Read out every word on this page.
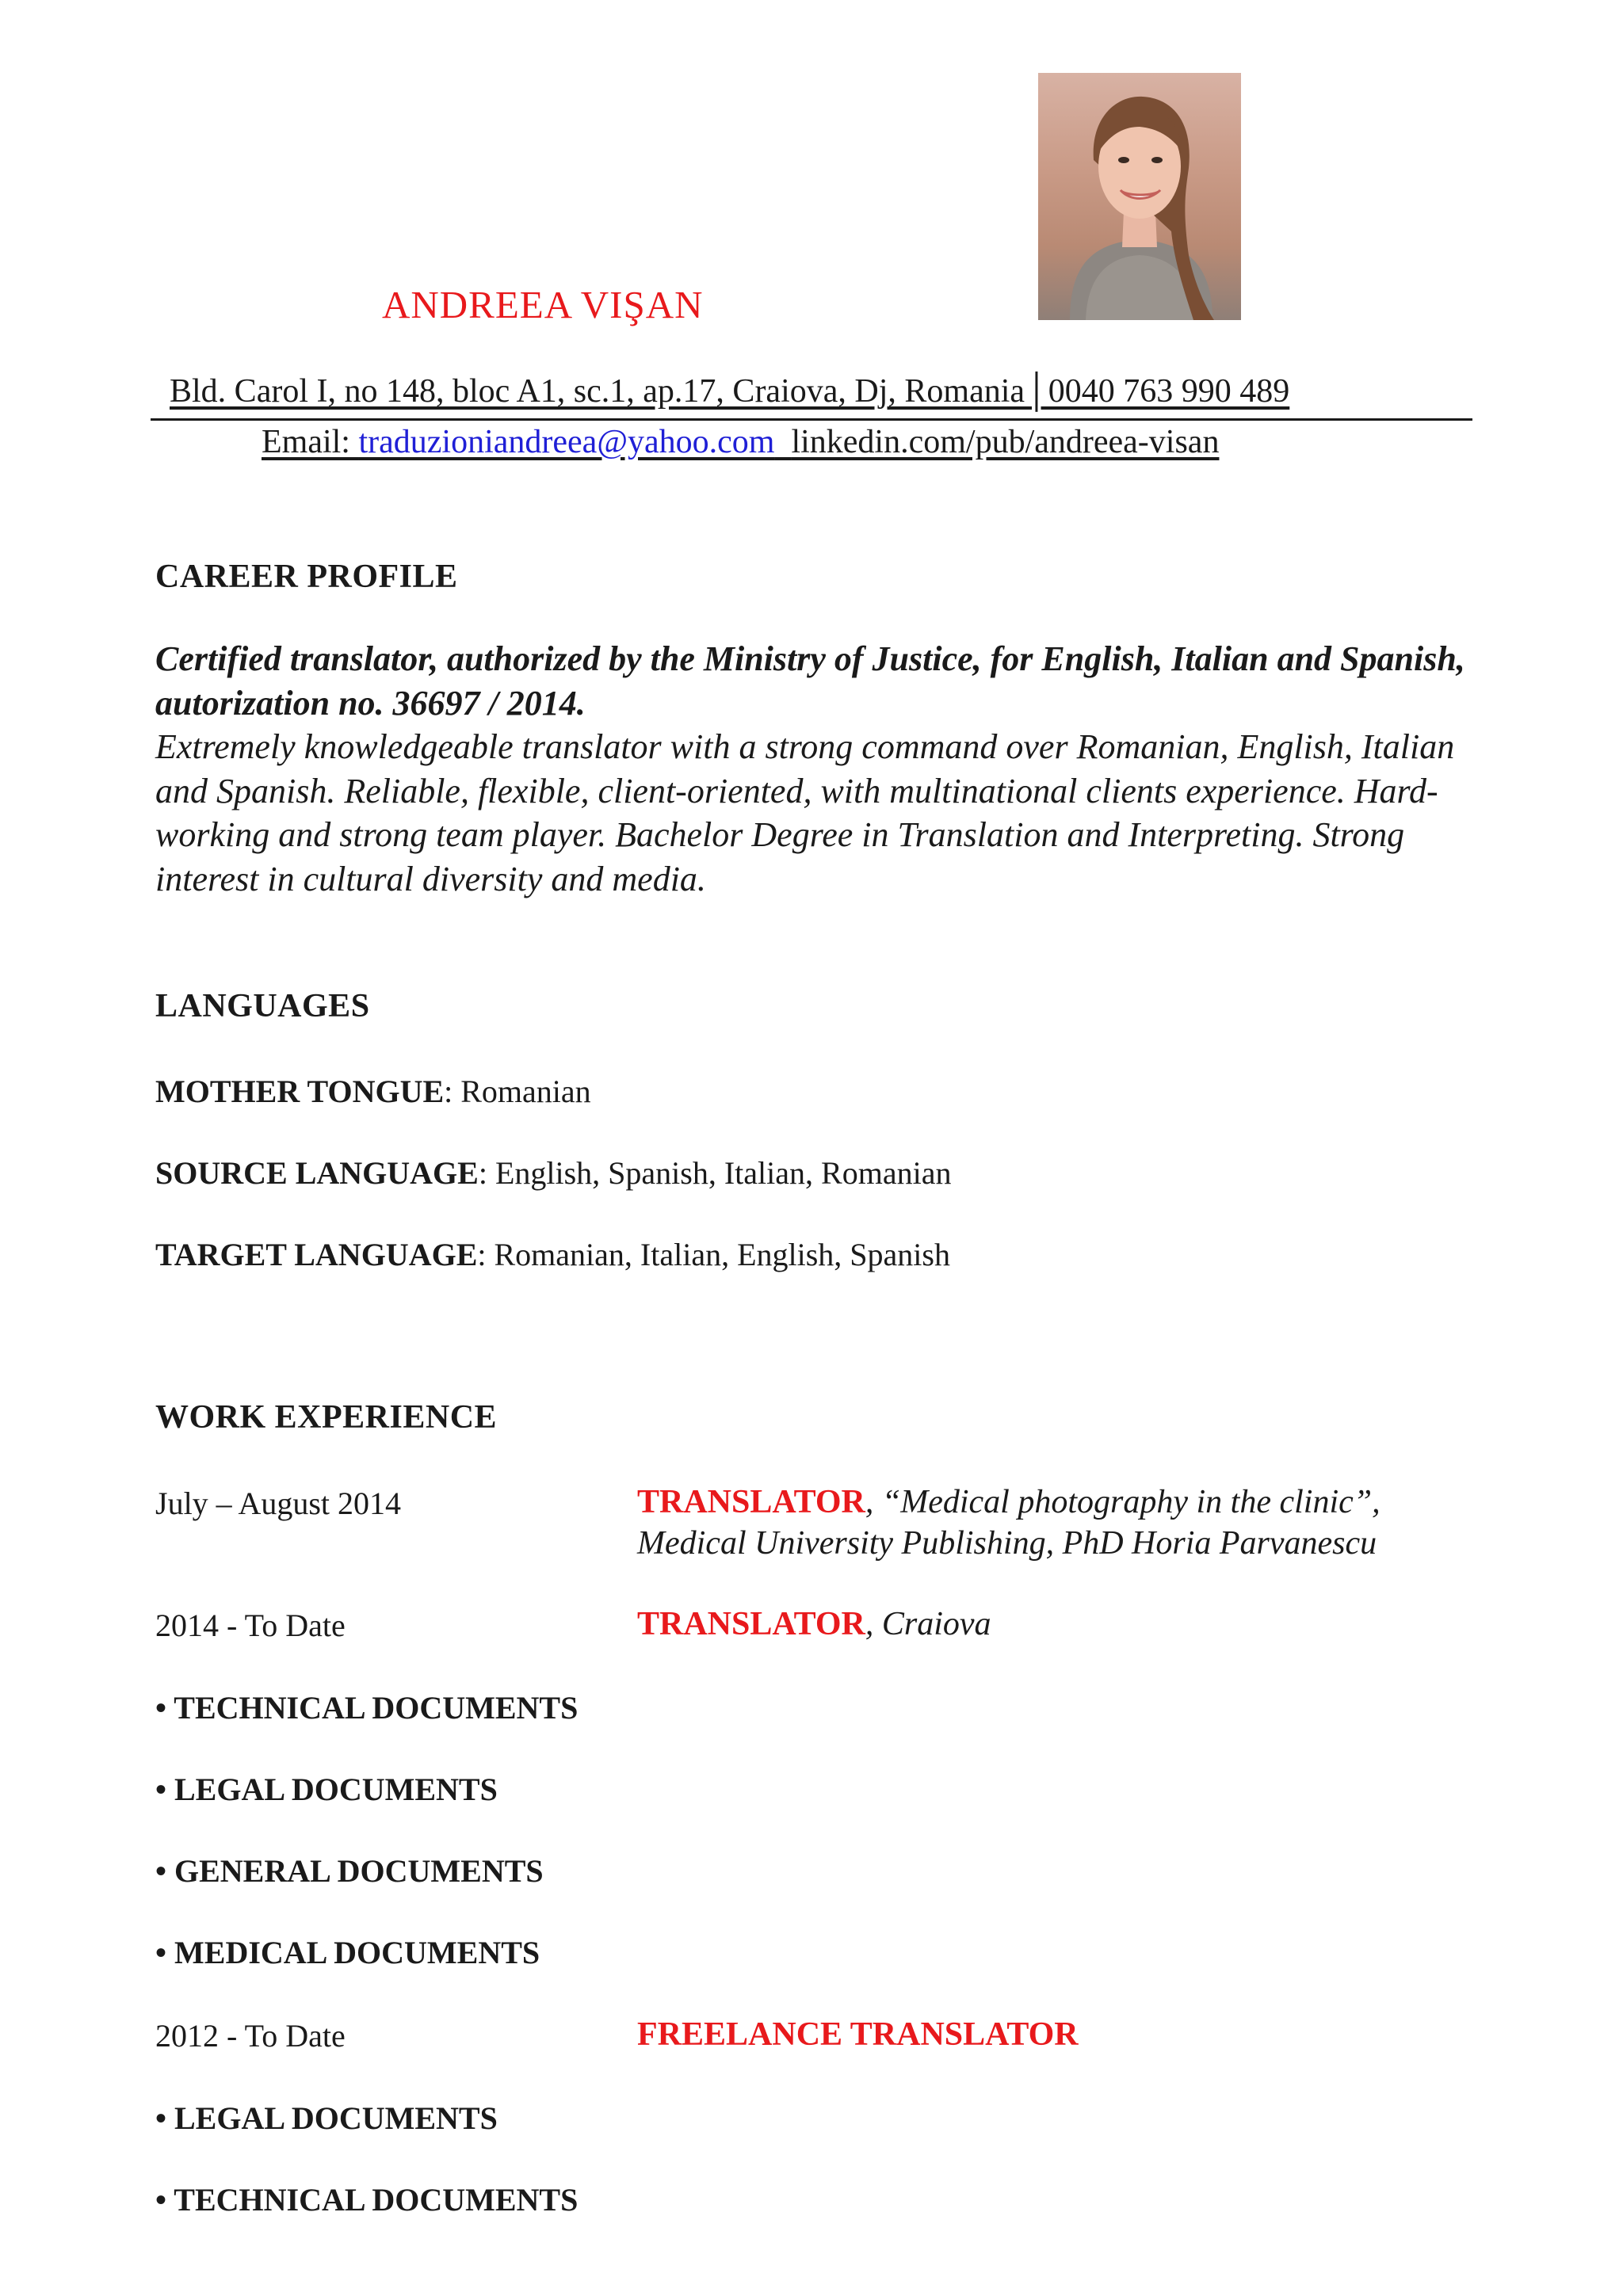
ANDREEA VIŞAN
Bld. Carol I, no 148, bloc A1, sc.1, ap.17, Craiova, Dj, Romania│0040 763 990 489
Email: traduzioniandreea@yahoo.com linkedin.com/pub/andreea-visan
CAREER PROFILE
Certified translator, authorized by the Ministry of Justice, for English, Italian and Spanish, autorization no. 36697 / 2014.
Extremely knowledgeable translator with a strong command over Romanian, English, Italian and Spanish. Reliable, flexible, client-oriented, with multinational clients experience. Hard-working and strong team player. Bachelor Degree in Translation and Interpreting. Strong interest in cultural diversity and media.
LANGUAGES
MOTHER TONGUE: Romanian
SOURCE LANGUAGE: English, Spanish, Italian, Romanian
TARGET LANGUAGE: Romanian, Italian, English, Spanish
WORK EXPERIENCE
July – August 2014	TRANSLATOR, “Medical photography in the clinic”,
Medical University Publishing, PhD Horia Parvanescu
2014 - To Date	TRANSLATOR, Craiova
• TECHNICAL DOCUMENTS
• LEGAL DOCUMENTS
• GENERAL DOCUMENTS
• MEDICAL DOCUMENTS
2012 - To Date	FREELANCE TRANSLATOR
• LEGAL DOCUMENTS
• TECHNICAL DOCUMENTS
